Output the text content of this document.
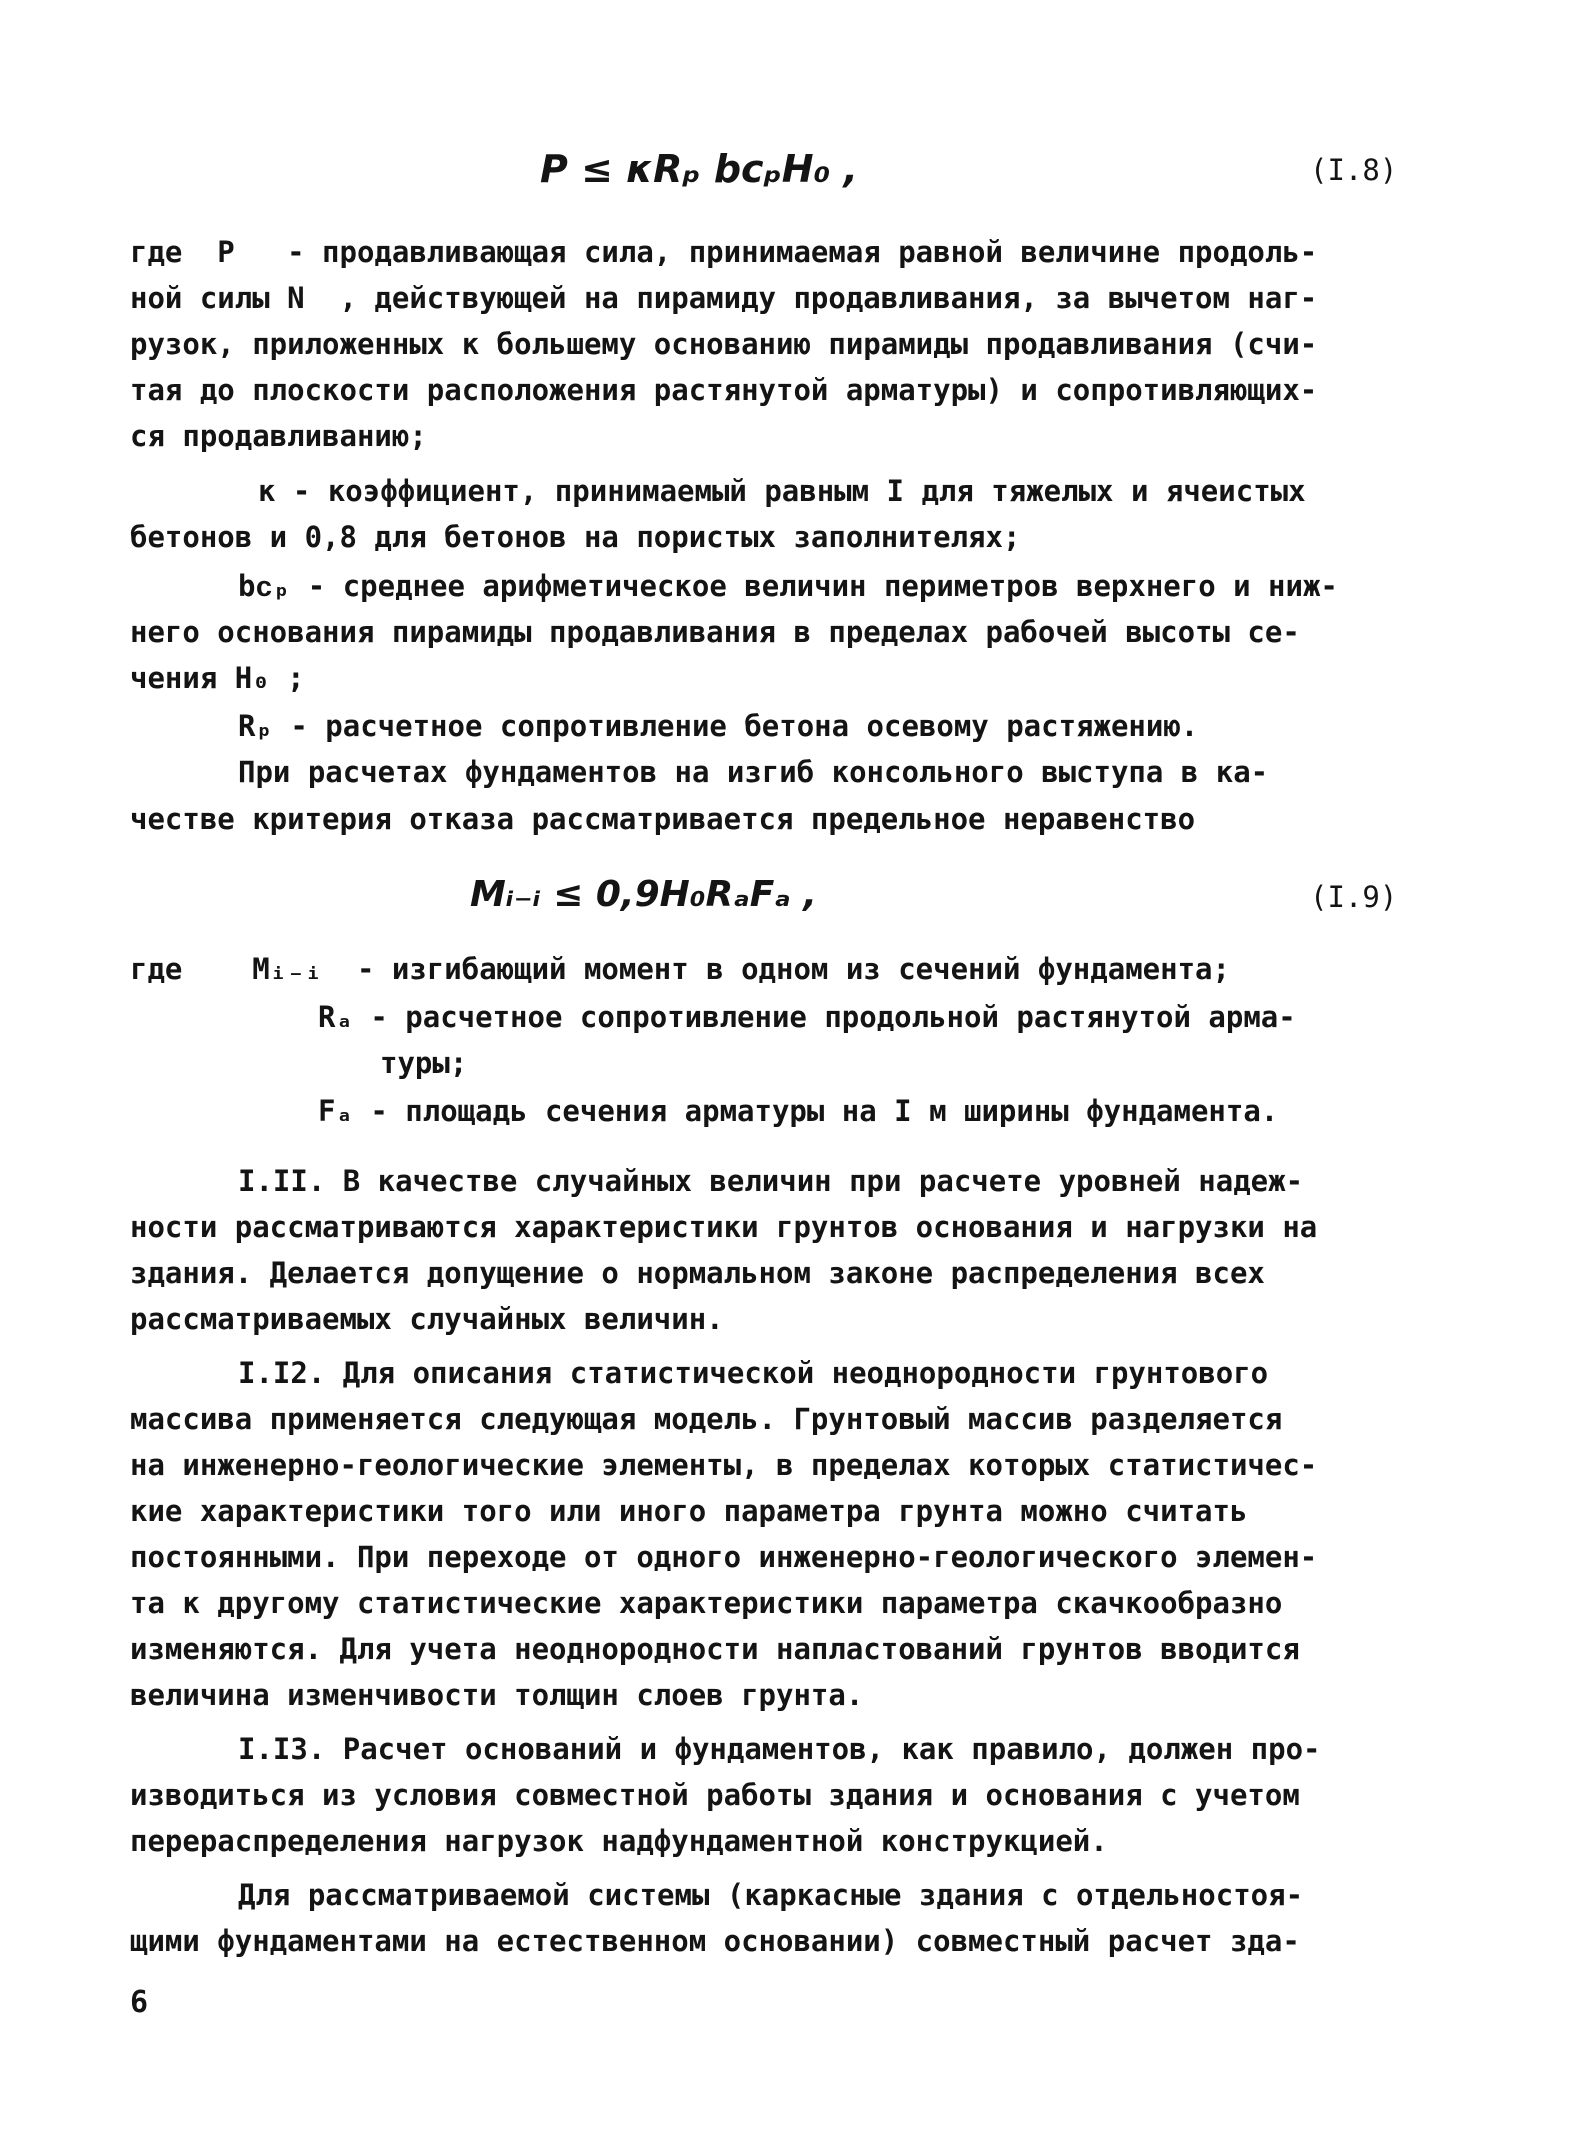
P ≤ κRₚ bᴄₚH₀ ,	(I.8)
где  P   - продавливающая сила, принимаемая равной величине продоль-
ной силы N  , действующей на пирамиду продавливания, за вычетом наг-
рузок, приложенных к большему основанию пирамиды продавливания (счи-
тая до плоскости расположения растянутой арматуры) и сопротивляющих-
ся продавливанию;
κ - коэффициент, принимаемый равным I для тяжелых и ячеистых
бетонов и 0,8 для бетонов на пористых заполнителях;
bᴄₚ - среднее арифметическое величин периметров верхнего и ниж-
него основания пирамиды продавливания в пределах рабочей высоты се-
чения H₀ ;
Rₚ - расчетное сопротивление бетона осевому растяжению.
При расчетах фундаментов на изгиб консольного выступа в ка-
честве критерия отказа рассматривается предельное неравенство
Mᵢ₋ᵢ ≤ 0,9H₀RₐFₐ ,	(I.9)
где    Mᵢ₋ᵢ  - изгибающий момент в одном из сечений фундамента;
Rₐ - расчетное сопротивление продольной растянутой арма-
туры;
Fₐ - площадь сечения арматуры на I м ширины фундамента.
I.II. В качестве случайных величин при расчете уровней надеж-
ности рассматриваются характеристики грунтов основания и нагрузки на
здания. Делается допущение о нормальном законе распределения всех
рассматриваемых случайных величин.
I.I2. Для описания статистической неоднородности грунтового
массива применяется следующая модель. Грунтовый массив разделяется
на инженерно-геологические элементы, в пределах которых статистичес-
кие характеристики того или иного параметра грунта можно считать
постоянными. При переходе от одного инженерно-геологического элемен-
та к другому статистические характеристики параметра скачкообразно
изменяются. Для учета неоднородности напластований грунтов вводится
величина изменчивости толщин слоев грунта.
I.I3. Расчет оснований и фундаментов, как правило, должен про-
изводиться из условия совместной работы здания и основания с учетом
перераспределения нагрузок надфундаментной конструкцией.
Для рассматриваемой системы (каркасные здания с отдельностоя-
щими фундаментами на естественном основании) совместный расчет зда-
6
